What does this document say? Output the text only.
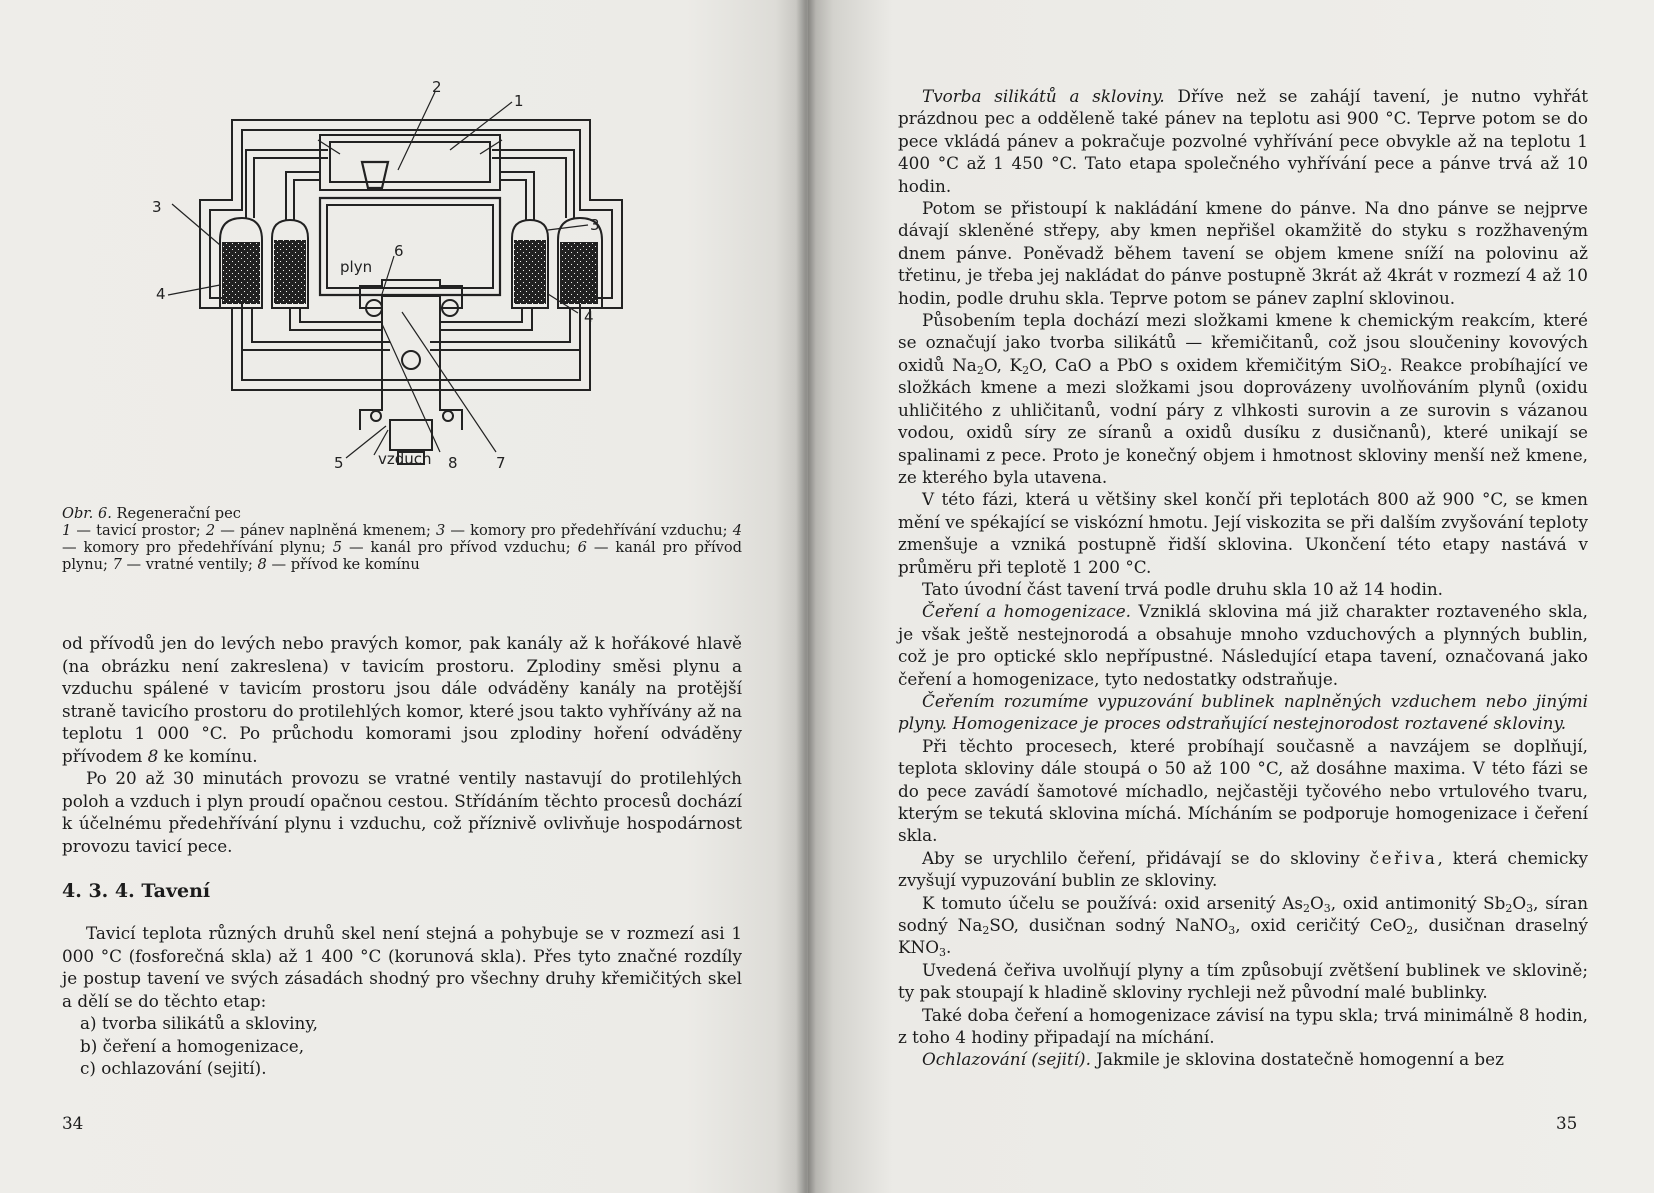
2
1
3
3
4
4
plyn
6
5 vzduch 8	7

Obr. 6. Regenerační pec

1 — tavicí prostor; 2 — pánev naplněná kmenem; 3 — komory pro předehřívání vzduchu; 4 — komory pro předehřívání plynu; 5 — kanál pro přívod vzduchu; 6 — kanál pro přívod plynu; 7 — vratné ventily; 8 — přívod ke komínu

od přívodů jen do levých nebo pravých komor, pak kanály až k hořákové hlavě (na obrázku není zakreslena) v tavicím prostoru. Zplodiny směsi plynu a vzduchu spálené v tavicím prostoru jsou dále odváděny kanály na protější straně tavicího prostoru do protilehlých komor, které jsou takto vyhřívány až na teplotu 1 000 °C. Po průchodu komorami jsou zplodiny hoření odváděny přívodem 8 ke komínu.

Po 20 až 30 minutách provozu se vratné ventily nastavují do protilehlých poloh a vzduch i plyn proudí opačnou cestou. Střídáním těchto procesů dochází k účelnému předehřívání plynu i vzduchu, což příznivě ovlivňuje hospodárnost provozu tavicí pece.

4. 3. 4. Tavení

Tavicí teplota různých druhů skel není stejná a pohybuje se v rozmezí asi 1 000 °C (fosforečná skla) až 1 400 °C (korunová skla). Přes tyto značné rozdíly je postup tavení ve svých zásadách shodný pro všechny druhy křemičitých skel a dělí se do těchto etap:

a) tvorba silikátů a skloviny,
b) čeření a homogenizace,
c) ochlazování (sejití).
34

Tvorba silikátů a skloviny. Dříve než se zahájí tavení, je nutno vyhřát prázdnou pec a odděleně také pánev na teplotu asi 900 °C. Teprve potom se do pece vkládá pánev a pokračuje pozvolné vyhřívání pece obvykle až na teplotu 1 400 °C až 1 450 °C. Tato etapa společného vyhřívání pece a pánve trvá až 10 hodin.

Potom se přistoupí k nakládání kmene do pánve. Na dno pánve se nejprve dávají skleněné střepy, aby kmen nepřišel okamžitě do styku s rozžhaveným dnem pánve. Poněvadž během tavení se objem kmene sníží na polovinu až třetinu, je třeba jej nakládat do pánve postupně 3krát až 4krát v rozmezí 4 až 10 hodin, podle druhu skla. Teprve potom se pánev zaplní sklovinou.

Působením tepla dochází mezi složkami kmene k chemickým reakcím, které se označují jako tvorba silikátů — křemičitanů, což jsou sloučeniny kovových oxidů $Na_2O$, $K_2O$, CaO a PbO s oxidem křemičitým SiO$_2$. Reakce probíhající ve složkách kmene a mezi složkami jsou doprovázeny uvolňováním plynů (oxidu uhličitého z uhličitanů, vodní páry z vlhkosti surovin a ze surovin s vázanou vodou, oxidů síry ze síranů a oxidů dusíku z dusičnanů), které unikají se spalinami z pece. Proto je konečný objem i hmotnost skloviny menší než kmene, ze kterého byla utavena.

V této fázi, která u většiny skel končí při teplotách 800 až 900 °C, se kmen mění ve spékající se viskózní hmotu. Její viskozita se při dalším zvyšování teploty zmenšuje a vzniká postupně řidší sklovina. Ukončení této etapy nastává v průměru při teplotě 1 200 °C.

Tato úvodní část tavení trvá podle druhu skla 10 až 14 hodin.

Čeření a homogenizace. Vzniklá sklovina má již charakter roztaveného skla, je však ještě nestejnorodá a obsahuje mnoho vzduchových a plynných bublin, což je pro optické sklo nepřípustné. Následující etapa tavení, označovaná jako čeření a homogenizace, tyto nedostatky odstraňuje.

Čeřením rozumíme vypuzování bublinek naplněných vzduchem nebo jinými plyny. Homogenizace je proces odstraňující nestejnorodost roztavené skloviny.

Při těchto procesech, které probíhají současně a navzájem se doplňují, teplota skloviny dále stoupá o 50 až 100 °C, až dosáhne maxima. V této fázi se do pece zavádí šamotové míchadlo, nejčastěji tyčového nebo vrtulového tvaru, kterým se tekutá sklovina míchá. Mícháním se podporuje homogenizace i čeření skla.

Aby se urychlilo čeření, přidávají se do skloviny čeřiva, která chemicky zvyšují vypuzování bublin ze skloviny.

K tomuto účelu se používá: oxid arsenitý $As_2O_3$, oxid antimonitý $Sb_2O_3$, síran sodný $Na_2SO$, dusičnan sodný NaNO$_3$, oxid ceričitý CeO$_2$, dusičnan draselný $KNO_3$.

Uvedená čeřiva uvolňují plyny a tím způsobují zvětšení bublinek ve sklovině; ty pak stoupají k hladině skloviny rychleji než původní malé bublinky.

Také doba čeření a homogenizace závisí na typu skla; trvá minimálně 8 hodin, z toho 4 hodiny připadají na míchání.

Ochlazování (sejití). Jakmile je sklovina dostatečně homogenní a bez

35
